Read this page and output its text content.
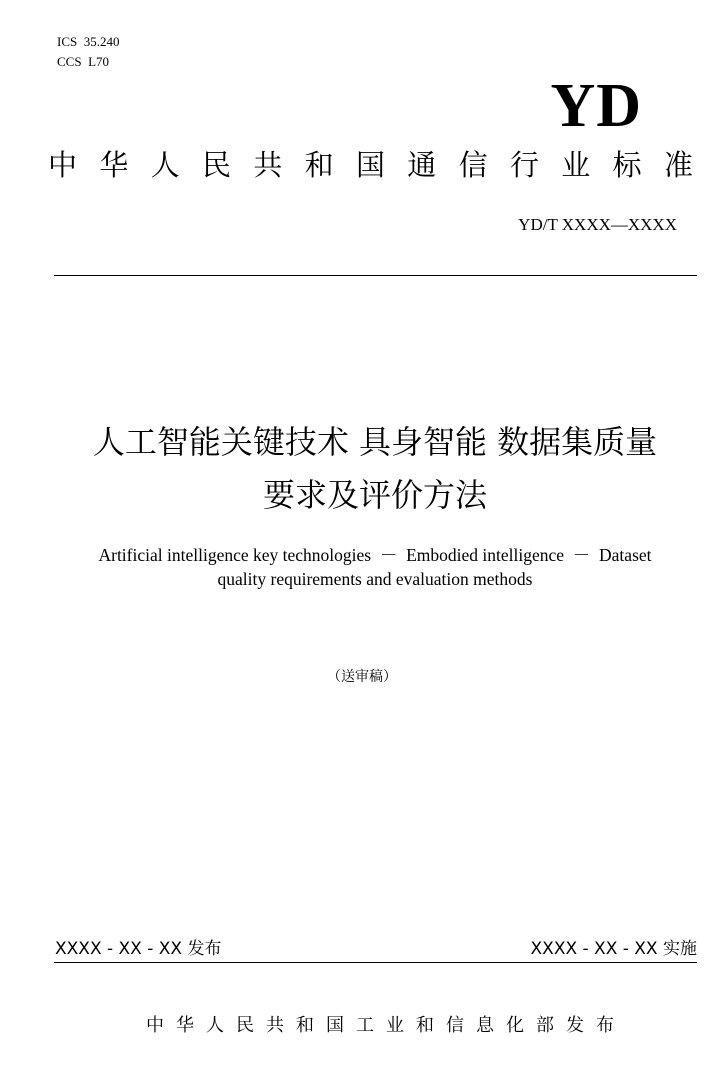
ICS  35.240
CCS  L70
YD
中 华 人 民 共 和 国 通 信 行 业 标 准
YD/T XXXX—XXXX
人工智能关键技术 具身智能 数据集质量
要求及评价方法
Artificial intelligence key technologies  －  Embodied intelligence  －  Dataset
quality requirements and evaluation methods
（送审稿）
XXXX - XX - XX 发布	XXXX - XX - XX 实施
中 华 人 民 共 和 国 工 业 和 信 息 化 部 发 布
